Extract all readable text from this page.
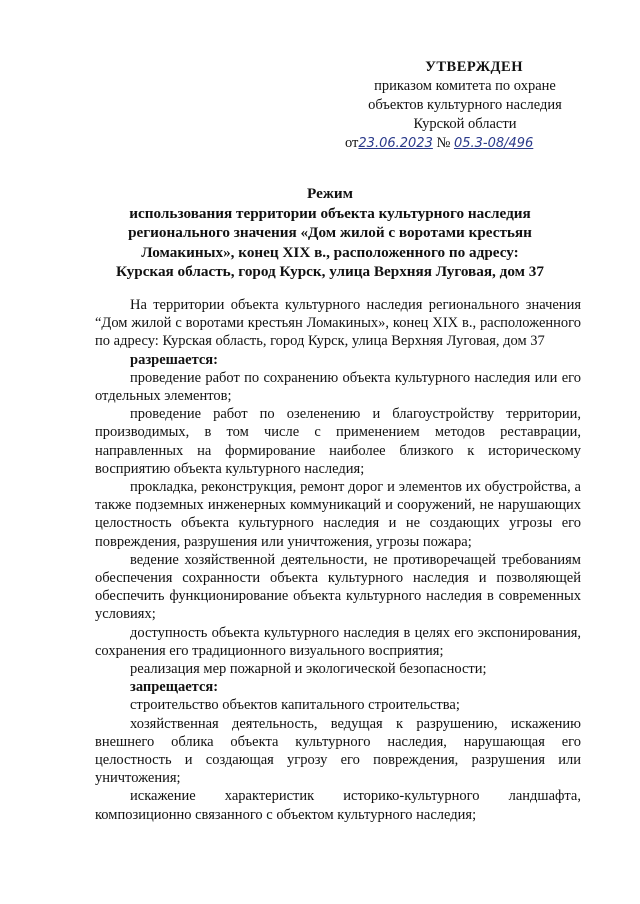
УТВЕРЖДЕН
приказом комитета по охране
объектов культурного наследия
Курской области
от23.06.2023 № 05.3-08/496
Режим
использования территории объекта культурного наследия
регионального значения «Дом жилой с воротами крестьян
Ломакиных», конец XIX в., расположенного по адресу:
Курская область, город Курск, улица Верхняя Луговая, дом 37

На территории объекта культурного наследия регионального значения “Дом жилой с воротами крестьян Ломакиных», конец XIX в., расположенного по адресу: Курская область, город Курск, улица Верхняя Луговая, дом 37

разрешается:

проведение работ по сохранению объекта культурного наследия или его отдельных элементов;

проведение работ по озеленению и благоустройству территории, производимых, в том числе с применением методов реставрации, направленных на формирование наиболее близкого к историческому восприятию объекта культурного наследия;

прокладка, реконструкция, ремонт дорог и элементов их обустройства, а также подземных инженерных коммуникаций и сооружений, не нарушающих целостность объекта культурного наследия и не создающих угрозы его повреждения, разрушения или уничтожения, угрозы пожара;

ведение хозяйственной деятельности, не противоречащей требованиям обеспечения сохранности объекта культурного наследия и позволяющей обеспечить функционирование объекта культурного наследия в современных условиях;

доступность объекта культурного наследия в целях его экспонирования, сохранения его традиционного визуального восприятия;

реализация мер пожарной и экологической безопасности;

запрещается:

строительство объектов капитального строительства;

хозяйственная деятельность, ведущая к разрушению, искажению внешнего облика объекта культурного наследия, нарушающая его целостность и создающая угрозу его повреждения, разрушения или уничтожения;

искажение характеристик историко-культурного ландшафта, композиционно связанного с объектом культурного наследия;
